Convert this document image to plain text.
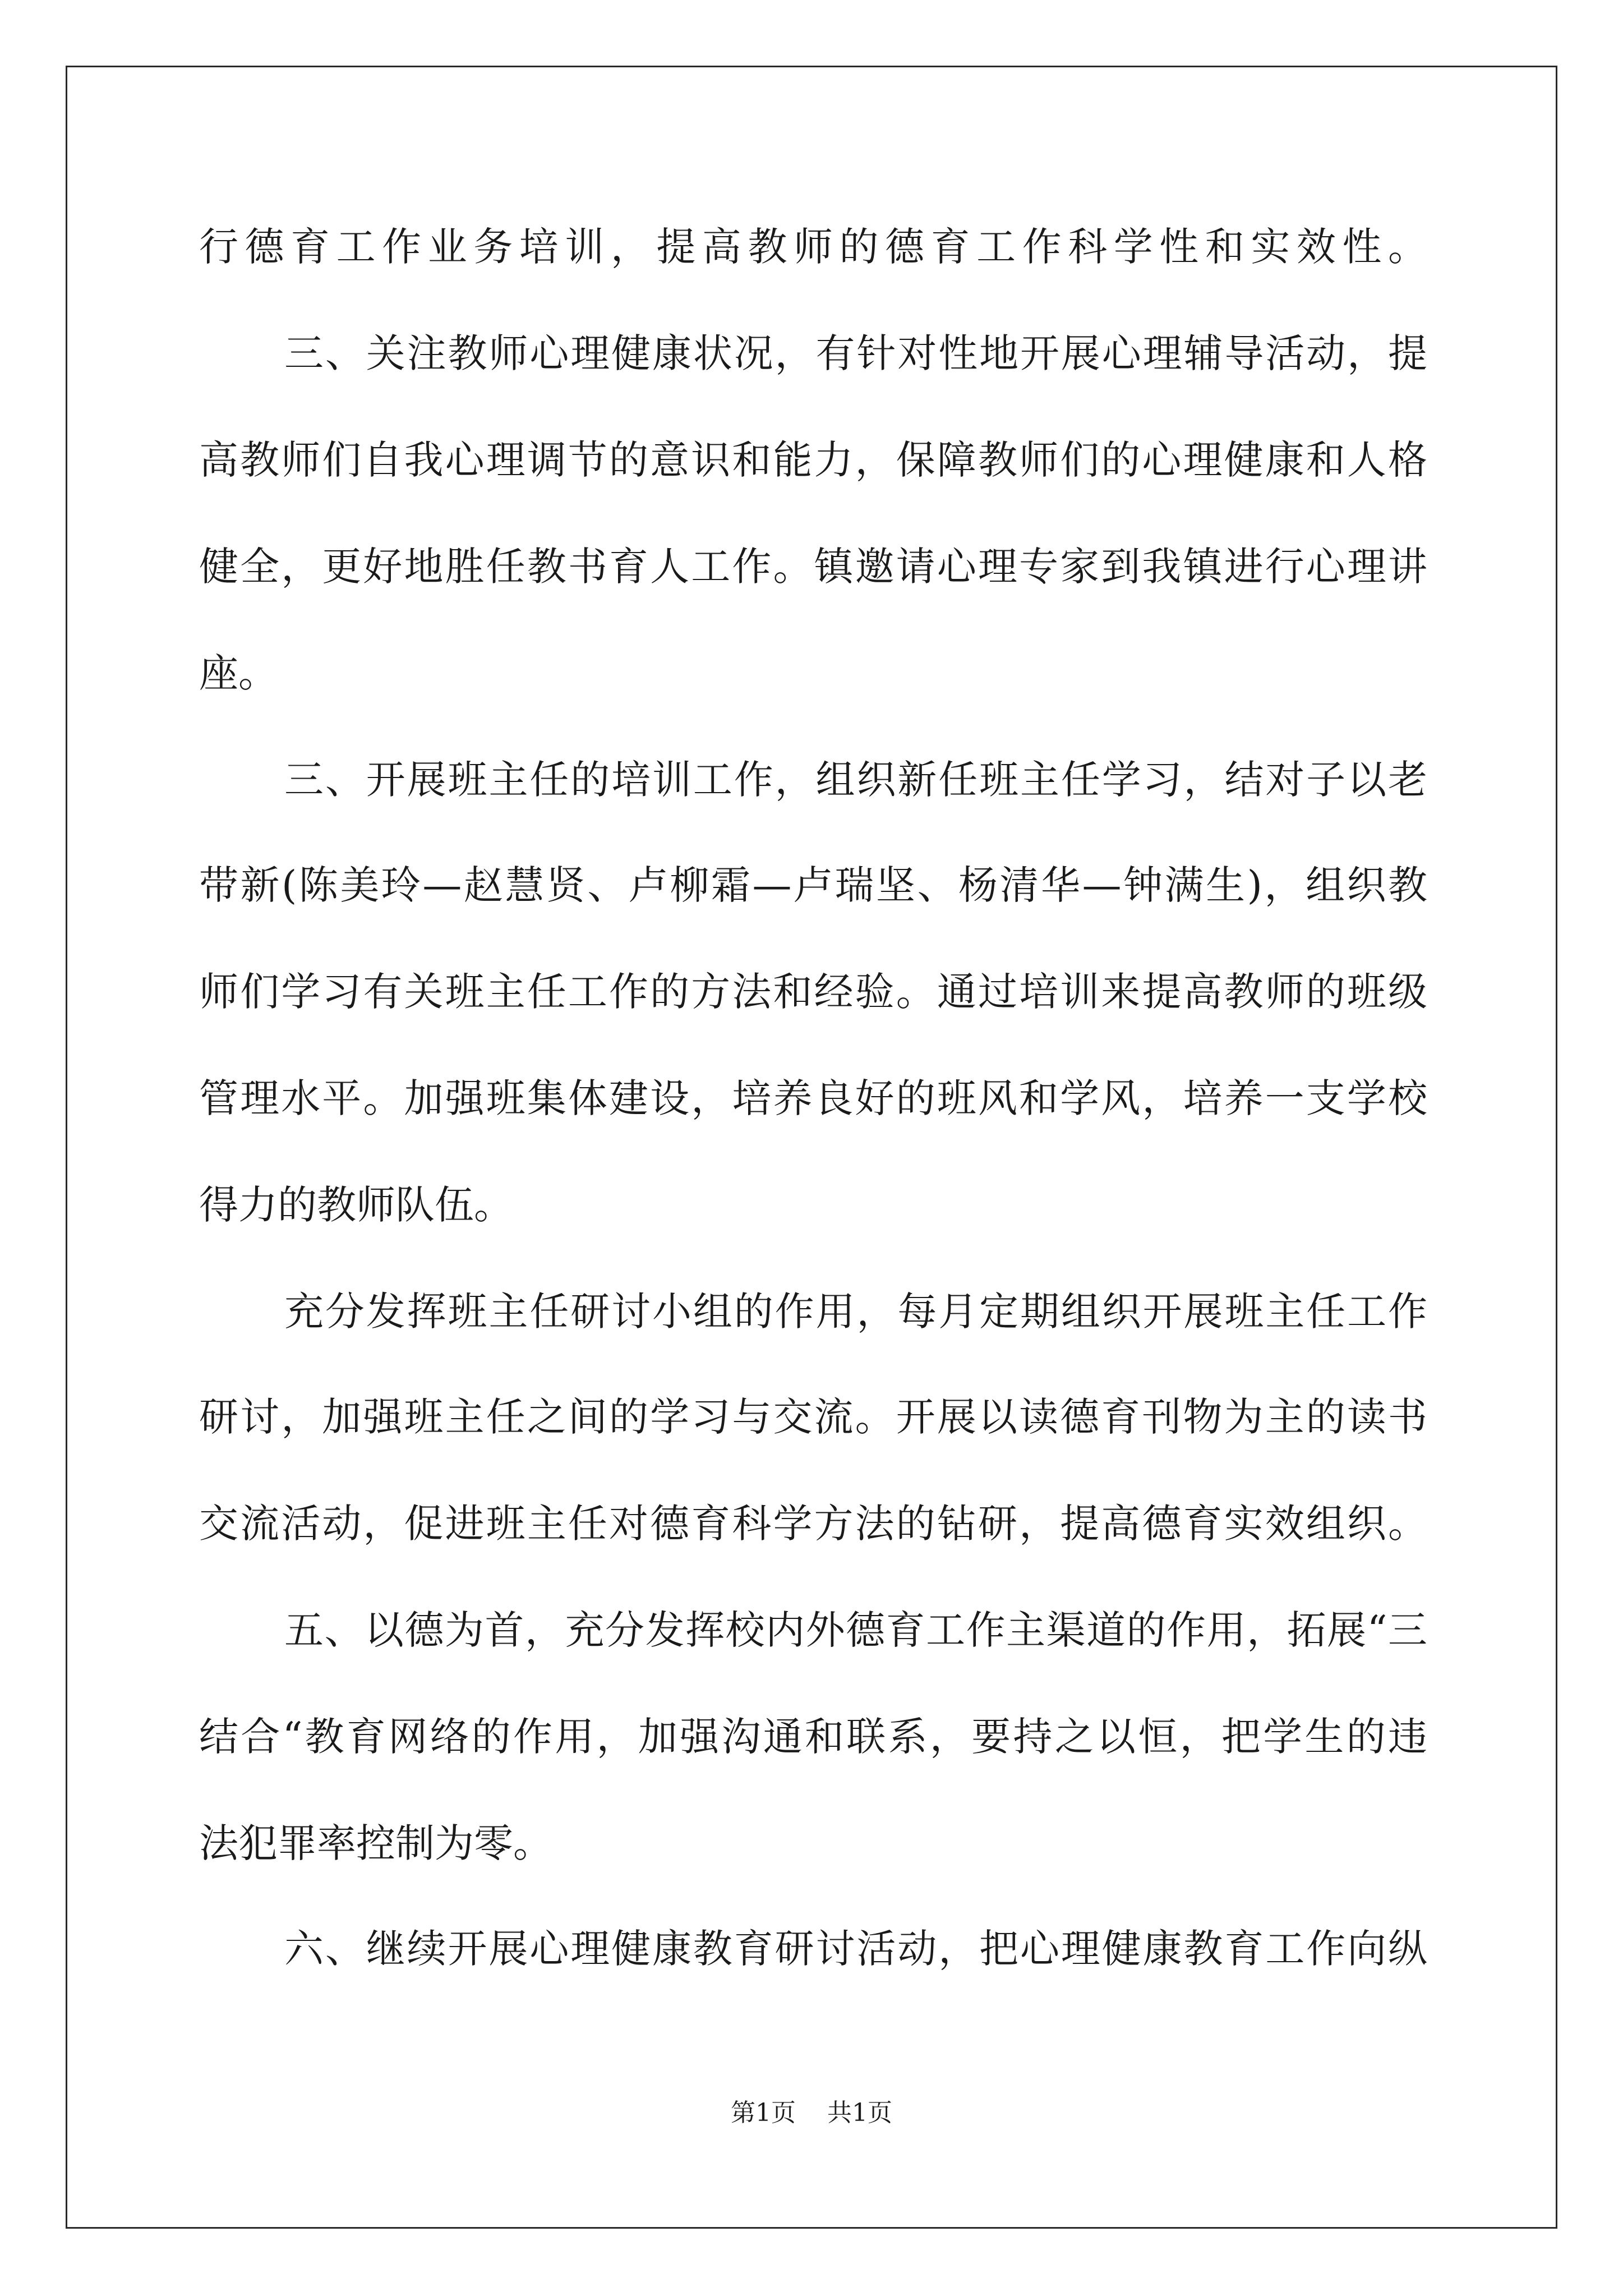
行德育工作业务培训，提高教师的德育工作科学性和实效性。
三、关注教师心理健康状况，有针对性地开展心理辅导活动，提
高教师们自我心理调节的意识和能力，保障教师们的心理健康和人格
健全，更好地胜任教书育人工作。镇邀请心理专家到我镇进行心理讲
座。
三、开展班主任的培训工作，组织新任班主任学习，结对子以老
带新(陈美玲—赵慧贤、卢柳霜—卢瑞坚、杨清华—钟满生)，组织教
师们学习有关班主任工作的方法和经验。通过培训来提高教师的班级
管理水平。加强班集体建设，培养良好的班风和学风，培养一支学校
得力的教师队伍。
充分发挥班主任研讨小组的作用，每月定期组织开展班主任工作
研讨，加强班主任之间的学习与交流。开展以读德育刊物为主的读书
交流活动，促进班主任对德育科学方法的钻研，提高德育实效组织。
五、以德为首，充分发挥校内外德育工作主渠道的作用，拓展“三
结合“教育网络的作用，加强沟通和联系，要持之以恒，把学生的违
法犯罪率控制为零。
六、继续开展心理健康教育研讨活动，把心理健康教育工作向纵
第1页 共1页
